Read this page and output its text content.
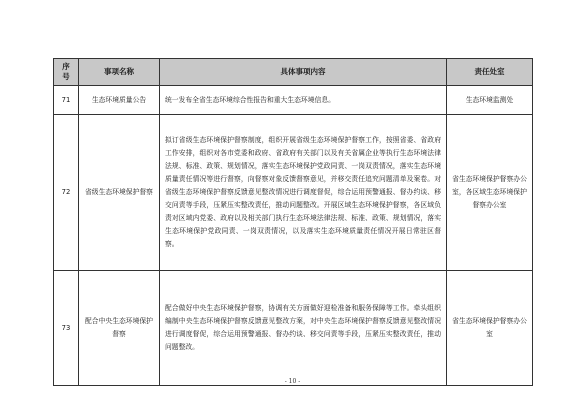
序
号	事项名称	具体事项内容	责任处室
71	生态环境质量公告	统一发布全省生态环境综合性报告和重大生态环境信息。	生态环境监测处
72	省级生态环境保护督察	拟订省级生态环境保护督察制度，组织开展省级生态环境保护督察工作，按照省委、省政府工作安排，组织对各市党委和政府、省政府有关部门以及有关省属企业等执行生态环境法律法规、标准、政策、规划情况，落实生态环境保护党政同责、一岗双责情况，落实生态环境质量责任情况等进行督察，向督察对象反馈督察意见，并移交责任追究问题清单及案卷。对省级生态环境保护督察反馈意见整改情况进行调度督促，综合运用预警通报、督办约谈、移交问责等手段，压紧压实整改责任，推动问题整改。开展区域生态环境保护督察，各区域负责对区域内党委、政府以及相关部门执行生态环境法律法规、标准、政策、规划情况，落实生态环境保护党政同责、一岗双责情况，以及落实生态环境质量责任情况开展日常驻区督察。	省生态环境保护督察办公室，各区域生态环境保护督察办公室
73	配合中央生态环境保护督察	配合做好中央生态环境保护督察，协调有关方面做好迎检准备和服务保障等工作。牵头组织编制中央生态环境保护督察反馈意见整改方案，对中央生态环境保护督察反馈意见整改情况进行调度督促，综合运用预警通报、督办约谈、移交问责等手段，压紧压实整改责任，推动问题整改。	省生态环境保护督察办公室
- 10 -
